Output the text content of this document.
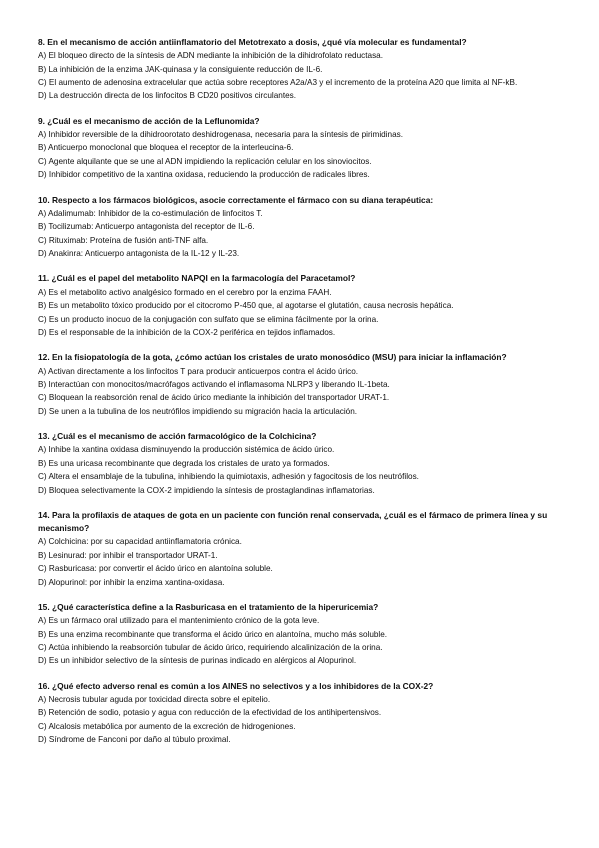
8. En el mecanismo de acción antiinflamatorio del Metotrexato a dosis, ¿qué vía molecular es fundamental?

A) El bloqueo directo de la síntesis de ADN mediante la inhibición de la dihidrofolato reductasa.

B) La inhibición de la enzima JAK-quinasa y la consiguiente reducción de IL-6.

C) El aumento de adenosina extracelular que actúa sobre receptores A2a/A3 y el incremento de la proteína A20 que limita al NF-kB.

D) La destrucción directa de los linfocitos B CD20 positivos circulantes.

9. ¿Cuál es el mecanismo de acción de la Leflunomida?

A) Inhibidor reversible de la dihidroorotato deshidrogenasa, necesaria para la síntesis de pirimidinas.

B) Anticuerpo monoclonal que bloquea el receptor de la interleucina-6.

C) Agente alquilante que se une al ADN impidiendo la replicación celular en los sinoviocitos.

D) Inhibidor competitivo de la xantina oxidasa, reduciendo la producción de radicales libres.

10. Respecto a los fármacos biológicos, asocie correctamente el fármaco con su diana terapéutica:

A) Adalimumab: Inhibidor de la co-estimulación de linfocitos T.

B) Tocilizumab: Anticuerpo antagonista del receptor de IL-6.

C) Rituximab: Proteína de fusión anti-TNF alfa.

D) Anakinra: Anticuerpo antagonista de la IL-12 y IL-23.

11. ¿Cuál es el papel del metabolito NAPQI en la farmacología del Paracetamol?

A) Es el metabolito activo analgésico formado en el cerebro por la enzima FAAH.

B) Es un metabolito tóxico producido por el citocromo P-450 que, al agotarse el glutatión, causa necrosis hepática.

C) Es un producto inocuo de la conjugación con sulfato que se elimina fácilmente por la orina.

D) Es el responsable de la inhibición de la COX-2 periférica en tejidos inflamados.

12. En la fisiopatología de la gota, ¿cómo actúan los cristales de urato monosódico (MSU) para iniciar la inflamación?

A) Activan directamente a los linfocitos T para producir anticuerpos contra el ácido úrico.

B) Interactúan con monocitos/macrófagos activando el inflamasoma NLRP3 y liberando IL-1beta.

C) Bloquean la reabsorción renal de ácido úrico mediante la inhibición del transportador URAT-1.

D) Se unen a la tubulina de los neutrófilos impidiendo su migración hacia la articulación.

13. ¿Cuál es el mecanismo de acción farmacológico de la Colchicina?

A) Inhibe la xantina oxidasa disminuyendo la producción sistémica de ácido úrico.

B) Es una uricasa recombinante que degrada los cristales de urato ya formados.

C) Altera el ensamblaje de la tubulina, inhibiendo la quimiotaxis, adhesión y fagocitosis de los neutrófilos.

D) Bloquea selectivamente la COX-2 impidiendo la síntesis de prostaglandinas inflamatorias.

14. Para la profilaxis de ataques de gota en un paciente con función renal conservada, ¿cuál es el fármaco de primera línea y su mecanismo?

A) Colchicina: por su capacidad antiinflamatoria crónica.

B) Lesinurad: por inhibir el transportador URAT-1.

C) Rasburicasa: por convertir el ácido úrico en alantoína soluble.

D) Alopurinol: por inhibir la enzima xantina-oxidasa.

15. ¿Qué característica define a la Rasburicasa en el tratamiento de la hiperuricemia?

A) Es un fármaco oral utilizado para el mantenimiento crónico de la gota leve.

B) Es una enzima recombinante que transforma el ácido úrico en alantoína, mucho más soluble.

C) Actúa inhibiendo la reabsorción tubular de ácido úrico, requiriendo alcalinización de la orina.

D) Es un inhibidor selectivo de la síntesis de purinas indicado en alérgicos al Alopurinol.

16. ¿Qué efecto adverso renal es común a los AINES no selectivos y a los inhibidores de la COX-2?

A) Necrosis tubular aguda por toxicidad directa sobre el epitelio.

B) Retención de sodio, potasio y agua con reducción de la efectividad de los antihipertensivos.

C) Alcalosis metabólica por aumento de la excreción de hidrogeniones.

D) Síndrome de Fanconi por daño al túbulo proximal.
